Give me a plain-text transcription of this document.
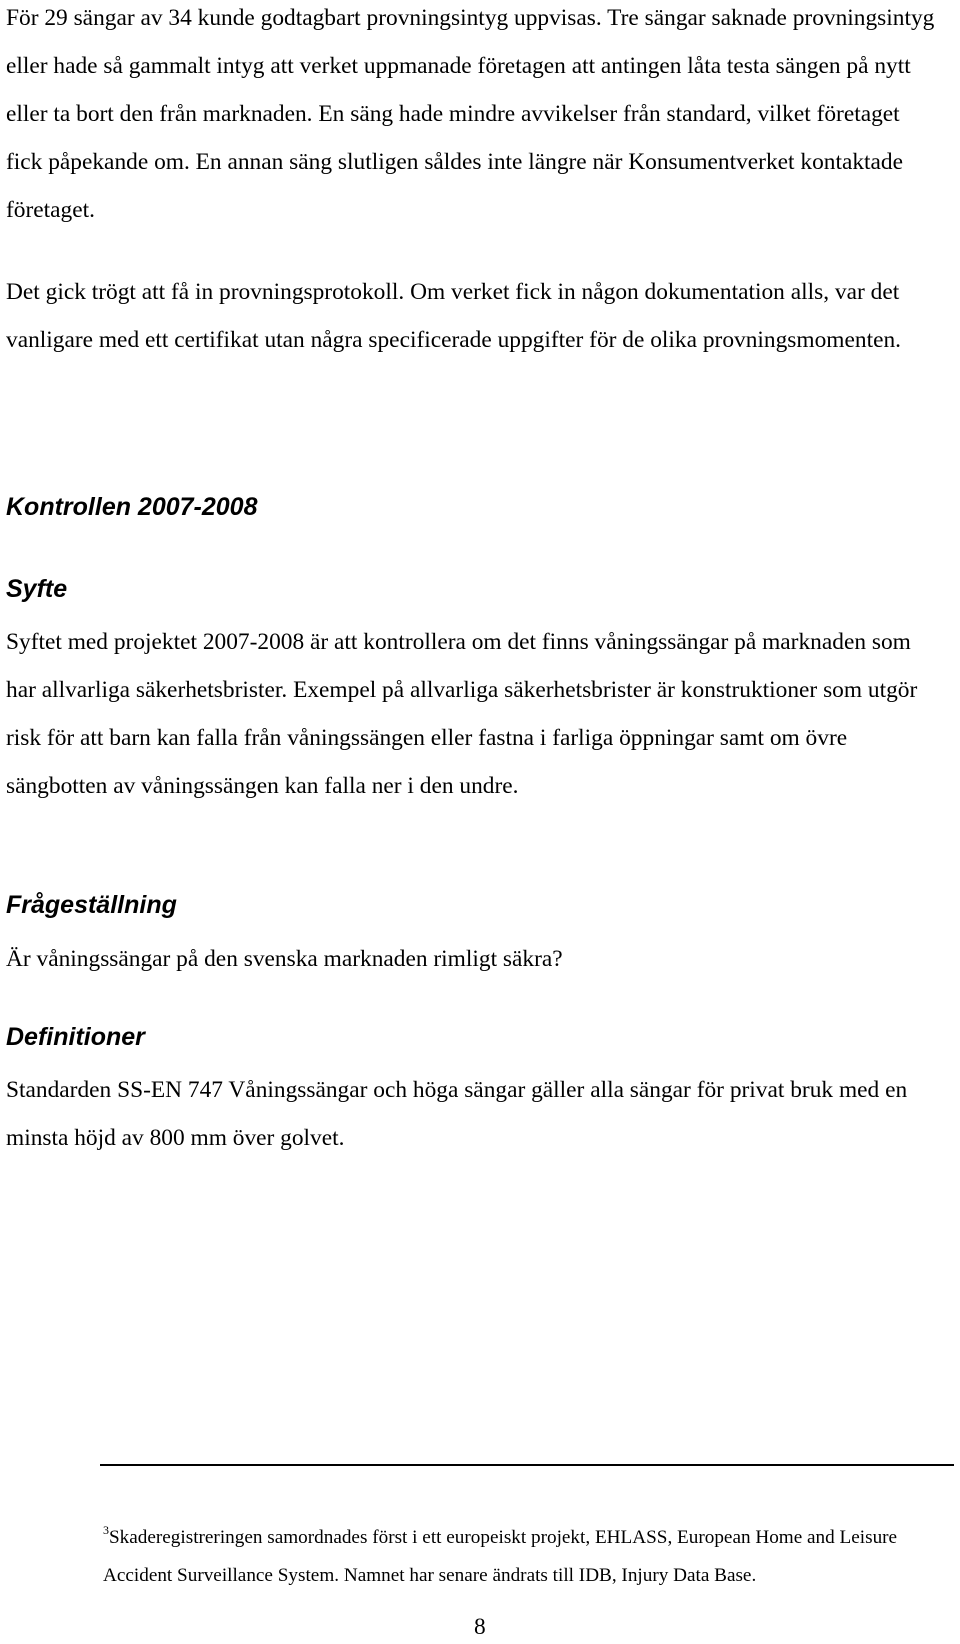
För 29 sängar av 34 kunde godtagbart provningsintyg uppvisas. Tre sängar saknade provningsintyg eller hade så gammalt intyg att verket uppmanade företagen att antingen låta testa sängen på nytt eller ta bort den från marknaden. En säng hade mindre avvikelser från standard, vilket företaget fick påpekande om. En annan säng slutligen såldes inte längre när Konsumentverket kontaktade företaget.

Det gick trögt att få in provningsprotokoll. Om verket fick in någon dokumentation alls, var det vanligare med ett certifikat utan några specificerade uppgifter för de olika provningsmomenten.

Kontrollen 2007-2008
Syfte

Syftet med projektet 2007-2008 är att kontrollera om det finns våningssängar på marknaden som har allvarliga säkerhetsbrister. Exempel på allvarliga säkerhetsbrister är konstruktioner som utgör risk för att barn kan falla från våningssängen eller fastna i farliga öppningar samt om övre sängbotten av våningssängen kan falla ner i den undre.

Frågeställning

Är våningssängar på den svenska marknaden rimligt säkra?

Definitioner

Standarden SS-EN 747 Våningssängar och höga sängar gäller alla sängar för privat bruk med en minsta höjd av 800 mm över golvet.

$^3$Skaderegistreringen samordnades först i ett europeiskt projekt, EHLASS, European Home and Leisure Accident Surveillance System. Namnet har senare ändrats till IDB, Injury Data Base.

8
